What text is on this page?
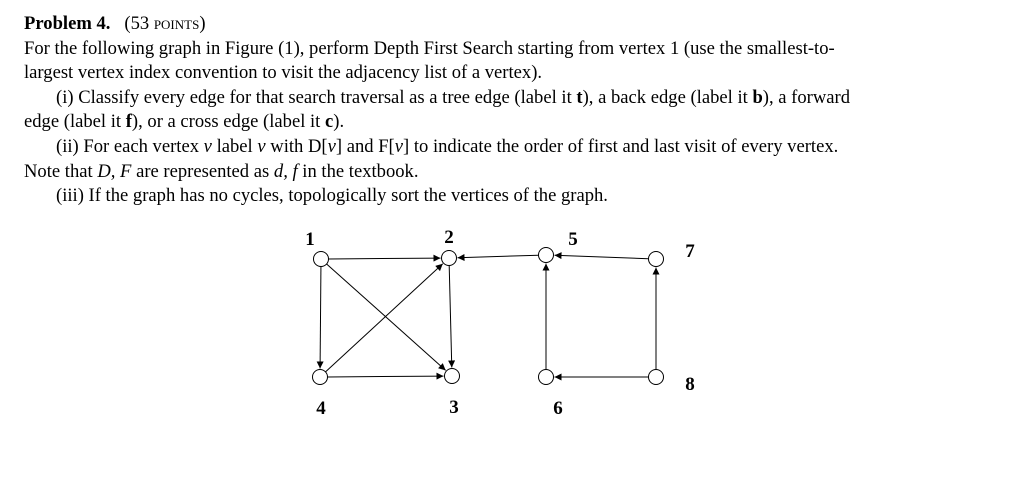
Problem 4. (53 points)
For the following graph in Figure (1), perform Depth First Search starting from vertex 1 (use the smallest-to-
largest vertex index convention to visit the adjacency list of a vertex).
(i) Classify every edge for that search traversal as a tree edge (label it t), a back edge (label it b), a forward
edge (label it f), or a cross edge (label it c).
(ii) For each vertex v label v with D[v] and F[v] to indicate the order of first and last visit of every vertex.
Note that D, F are represented as d, f in the textbook.
(iii) If the graph has no cycles, topologically sort the vertices of the graph.
1	2
3
4
5
6
7
8
